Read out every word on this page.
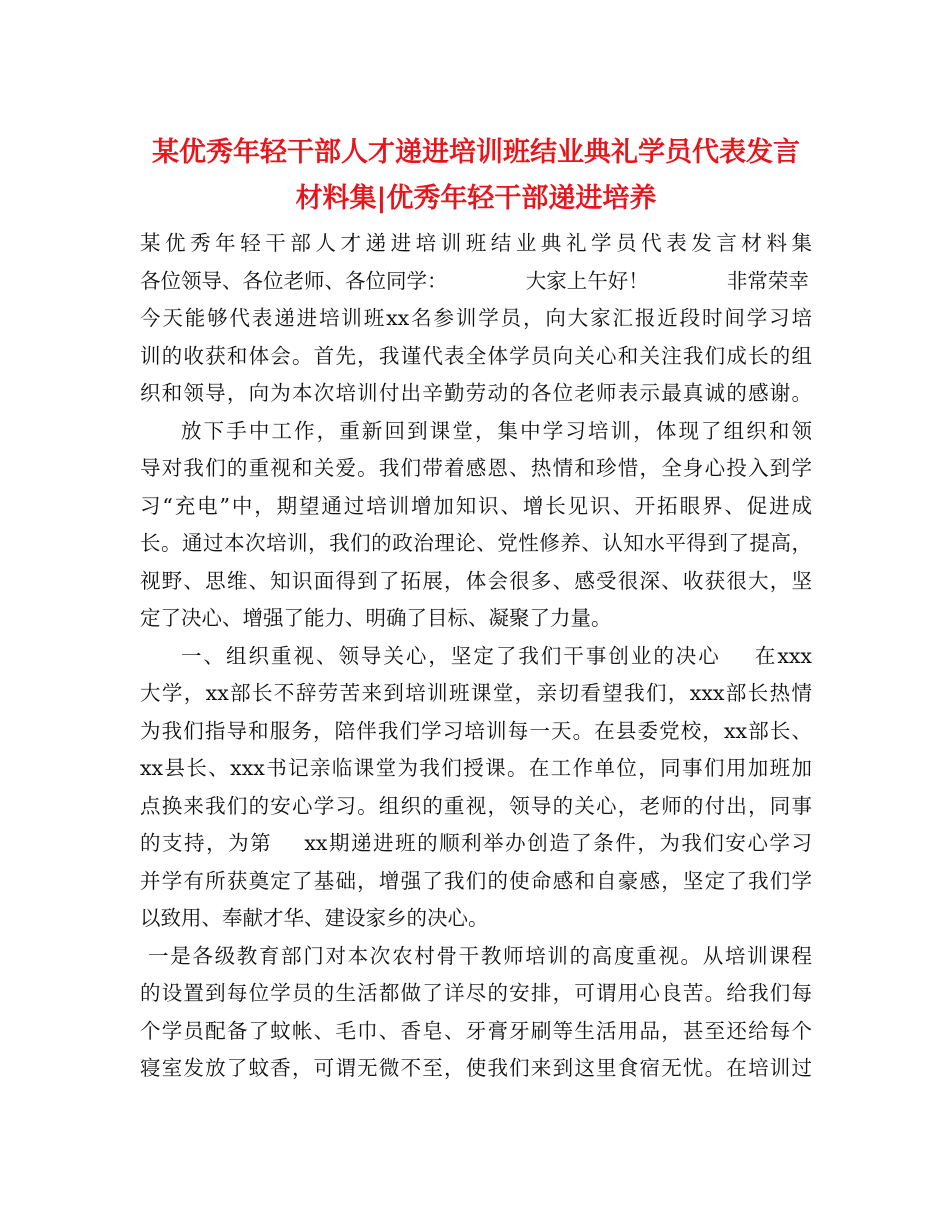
某优秀年轻干部人才递进培训班结业典礼学员代表发言
材料集|优秀年轻干部递进培养
某优秀年轻干部人才递进培训班结业典礼学员代表发言材料集
各位领导、各位老师、各位同学：            大家上午好！            非常荣幸
今天能够代表递进培训班xx名参训学员，向大家汇报近段时间学习培
训的收获和体会。首先，我谨代表全体学员向关心和关注我们成长的组
织和领导，向为本次培训付出辛勤劳动的各位老师表示最真诚的感谢。
放下手中工作，重新回到课堂，集中学习培训，体现了组织和领
导对我们的重视和关爱。我们带着感恩、热情和珍惜，全身心投入到学
习“充电”中，期望通过培训增加知识、增长见识、开拓眼界、促进成
长。通过本次培训，我们的政治理论、党性修养、认知水平得到了提高，
视野、思维、知识面得到了拓展，体会很多、感受很深、收获很大，坚
定了决心、增强了能力、明确了目标、凝聚了力量。
一、组织重视、领导关心，坚定了我们干事创业的决心    在xxx
大学，xx部长不辞劳苦来到培训班课堂，亲切看望我们，xxx部长热情
为我们指导和服务，陪伴我们学习培训每一天。在县委党校，xx部长、
xx县长、xxx书记亲临课堂为我们授课。在工作单位，同事们用加班加
点换来我们的安心学习。组织的重视，领导的关心，老师的付出，同事
的支持，为第    xx期递进班的顺利举办创造了条件，为我们安心学习
并学有所获奠定了基础，增强了我们的使命感和自豪感，坚定了我们学
以致用、奉献才华、建设家乡的决心。
一是各级教育部门对本次农村骨干教师培训的高度重视。从培训课程
的设置到每位学员的生活都做了详尽的安排，可谓用心良苦。给我们每
个学员配备了蚊帐、毛巾、香皂、牙膏牙刷等生活用品，甚至还给每个
寝室发放了蚊香，可谓无微不至，使我们来到这里食宿无忧。在培训过
